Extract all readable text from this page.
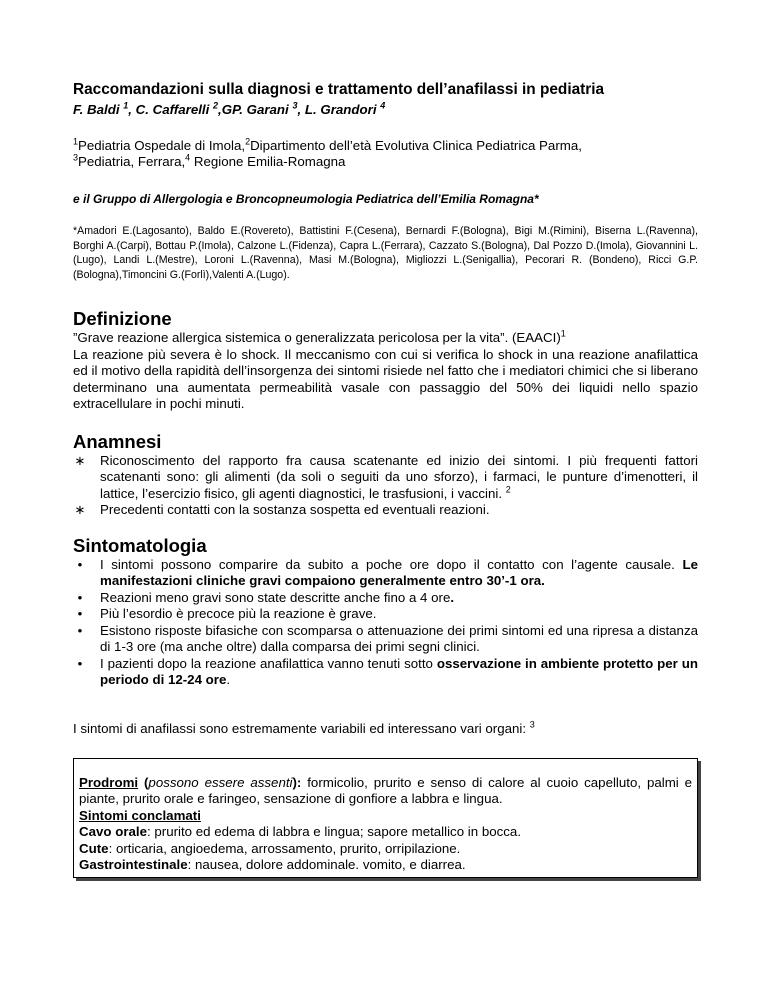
Raccomandazioni sulla diagnosi e trattamento dell’anafilassi in pediatria

F. Baldi $^1$, C. Caffarelli $^2$,GP. Garani $^3$, L. Grandori $^4$

$^1$Pediatria Ospedale di Imola,$^2$Dipartimento dell’età Evolutiva Clinica Pediatrica Parma,
$^3$Pediatria, Ferrara,$^4$ Regione Emilia-Romagna

e il Gruppo di Allergologia e Broncopneumologia Pediatrica dell’Emilia Romagna*

*Amadori E.(Lagosanto), Baldo E.(Rovereto), Battistini F.(Cesena), Bernardi F.(Bologna), Bigi M.(Rimini), Biserna L.(Ravenna), Borghi A.(Carpi), Bottau P.(Imola), Calzone L.(Fidenza), Capra L.(Ferrara), Cazzato S.(Bologna), Dal Pozzo D.(Imola), Giovannini L.(Lugo), Landi L.(Mestre), Loroni L.(Ravenna), Masi M.(Bologna), Migliozzi L.(Senigallia), Pecorari R. (Bondeno), Ricci G.P.(Bologna),Timoncini G.(Forlì),Valenti A.(Lugo).

Definizione

”Grave reazione allergica sistemica o generalizzata pericolosa per la vita”. (EAACI)$^1$

La reazione più severa è lo shock. Il meccanismo con cui si verifica lo shock in una reazione anafilattica ed il motivo della rapidità dell’insorgenza dei sintomi risiede nel fatto che i mediatori chimici che si liberano determinano una aumentata permeabilità vasale con passaggio del 50% dei liquidi nello spazio extracellulare in pochi minuti.

Anamnesi
∗ Riconoscimento del rapporto fra causa scatenante ed inizio dei sintomi. I più frequenti fattori scatenanti sono: gli alimenti (da soli o seguiti da uno sforzo), i farmaci, le punture d’imenotteri, il lattice, l’esercizio fisico, gli agenti diagnostici, le trasfusioni, i vaccini. $^2$
∗ Precedenti contatti con la sostanza sospetta ed eventuali reazioni.
Sintomatologia
•
I sintomi possono comparire da subito a poche ore dopo il contatto con l’agente causale. Le manifestazioni cliniche gravi compaiono generalmente entro 30’-1 ora.
•
Reazioni meno gravi sono state descritte anche fino a 4 ore.
•
Più l’esordio è precoce più la reazione è grave.
•
Esistono risposte bifasiche con scomparsa o attenuazione dei primi sintomi ed una ripresa a distanza di 1-3 ore (ma anche oltre) dalla comparsa dei primi segni clinici.
•
I pazienti dopo la reazione anafilattica vanno tenuti sotto osservazione in ambiente protetto per un periodo di 12-24 ore.

I sintomi di anafilassi sono estremamente variabili ed interessano vari organi: $^3$

Prodromi (possono essere assenti): formicolio, prurito e senso di calore al cuoio capelluto, palmi e piante, prurito orale e faringeo, sensazione di gonfiore a labbra e lingua.

Sintomi conclamati

Cavo orale: prurito ed edema di labbra e lingua; sapore metallico in bocca.

Cute: orticaria, angioedema, arrossamento, prurito, orripilazione.

Gastrointestinale: nausea, dolore addominale. vomito, e diarrea.
